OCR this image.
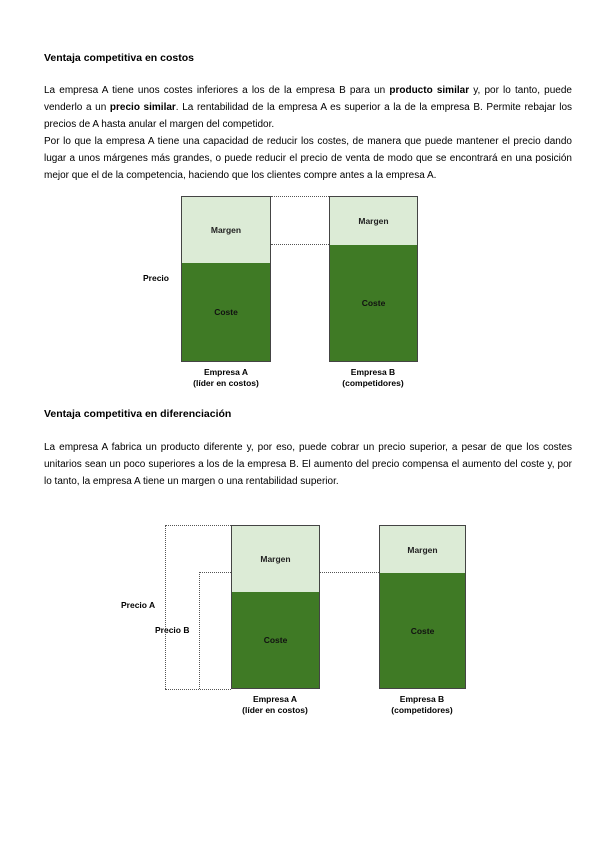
Ventaja competitiva en costos

La empresa A tiene unos costes inferiores a los de la empresa B para un producto similar y, por lo tanto, puede venderlo a un precio similar. La rentabilidad de la empresa A es superior a la de la empresa B. Permite rebajar los precios de A hasta anular el margen del competidor.

Por lo que la empresa A tiene una capacidad de reducir los costes, de manera que puede mantener el precio dando lugar a unos márgenes más grandes, o puede reducir el precio de venta de modo que se encontrará en una posición mejor que el de la competencia, haciendo que los clientes compre antes a la empresa A.

Precio
Margen
Coste
Empresa A
(líder en costos)
Margen
Coste
Empresa B
(competidores)
Ventaja competitiva en diferenciación

La empresa A fabrica un producto diferente y, por eso, puede cobrar un precio superior, a pesar de que los costes unitarios sean un poco superiores a los de la empresa B. El aumento del precio compensa el aumento del coste y, por lo tanto, la empresa A tiene un margen o una rentabilidad superior.

Precio A
Precio B
Margen
Coste
Empresa A
(líder en costos)
Margen
Coste
Empresa B
(competidores)
